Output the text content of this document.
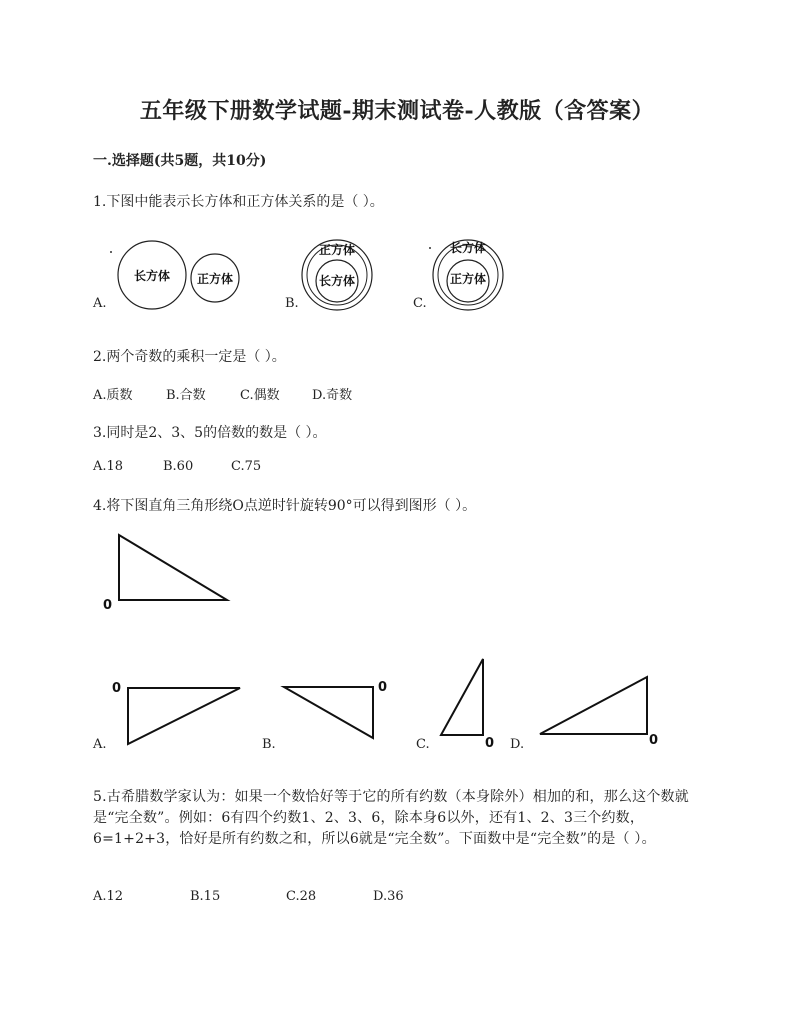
五年级下册数学试题-期末测试卷-人教版（含答案）
一.选择题(共5题，共10分)
1.下图中能表示长方体和正方体关系的是（ ）。
长方体 正方体
A.
正方体
长方体
B.
长方体
正方体
C.
2.两个奇数的乘积一定是（ ）。
A.质数	B.合数	C.偶数 D.奇数
3.同时是2、3、5的倍数的数是（ ）。
A.18	B.60	C.75
4.将下图直角三角形绕O点逆时针旋转90°可以得到图形（ ）。
0
0
A.
0
B.	0
C.	0
D.
5.古希腊数学家认为：如果一个数恰好等于它的所有约数（本身除外）相加的和，那么这个数就是“完全数”。例如：6有四个约数1、2、3、6，除本身6以外，还有1、2、3三个约数，6=1+2+3，恰好是所有约数之和，所以6就是“完全数”。下面数中是“完全数”的是（ ）。
A.12	B.15	C.28	D.36
